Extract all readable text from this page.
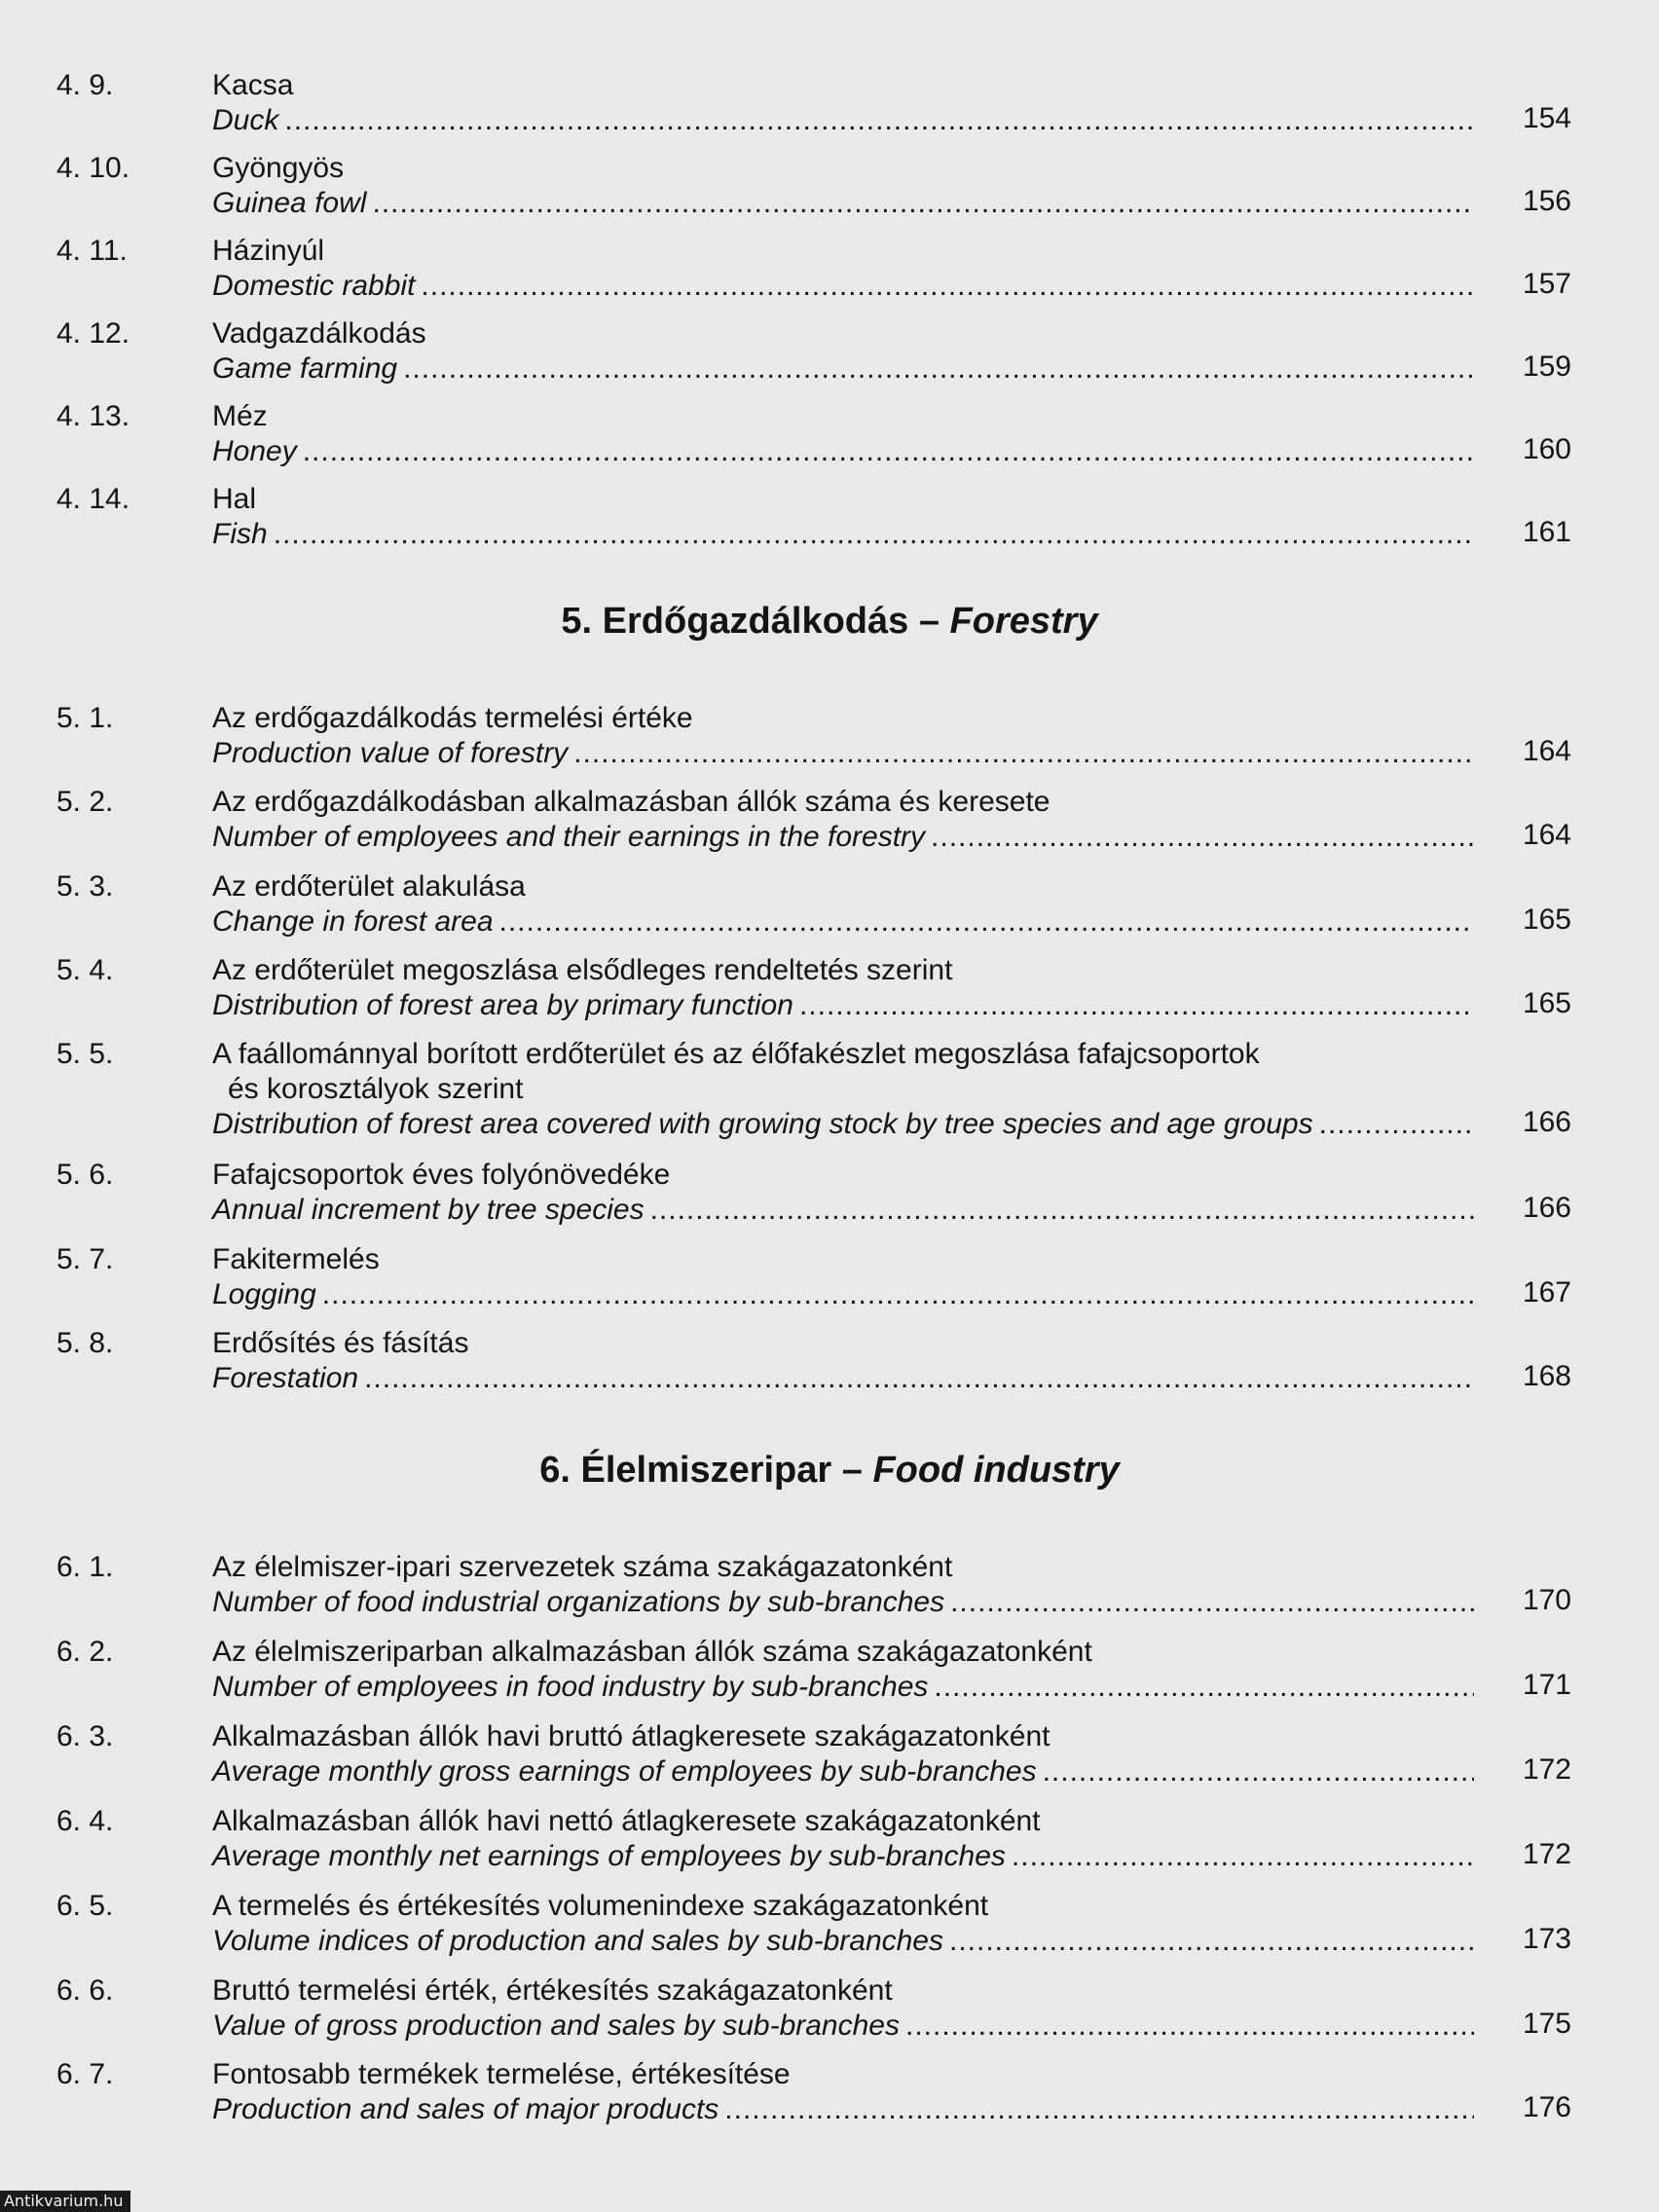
4. 9.	Kacsa
Duck .....	154
4. 10.	Gyöngyös
Guinea fowl .....	156
4. 11.	Házinyúl
Domestic rabbit .....	157
4. 12.	Vadgazdálkodás
Game farming .....	159
4. 13.	Méz
Honey .....	160
4. 14.	Hal
Fish .....	161
5. Erdőgazdálkodás – Forestry
5. 1.	Az erdőgazdálkodás termelési értéke
Production value of forestry .....	164
5. 2.	Az erdőgazdálkodásban alkalmazásban állók száma és keresete
Number of employees and their earnings in the forestry .....	164
5. 3.	Az erdőterület alakulása
Change in forest area .....	165
5. 4.	Az erdőterület megoszlása elsődleges rendeltetés szerint
Distribution of forest area by primary function .....	165
5. 5.	A faállománnyal borított erdőterület és az élőfakészlet megoszlása fafajcsoportok
és korosztályok szerint
Distribution of forest area covered with growing stock by tree species and age groups .....	166
5. 6.	Fafajcsoportok éves folyónövedéke
Annual increment by tree species .....	166
5. 7.	Fakitermelés
Logging .....	167
5. 8.	Erdősítés és fásítás
Forestation .....	168
6. Élelmiszeripar – Food industry
6. 1.	Az élelmiszer-ipari szervezetek száma szakágazatonként
Number of food industrial organizations by sub-branches .....	170
6. 2.	Az élelmiszeriparban alkalmazásban állók száma szakágazatonként
Number of employees in food industry by sub-branches .....	171
6. 3.	Alkalmazásban állók havi bruttó átlagkeresete szakágazatonként
Average monthly gross earnings of employees by sub-branches .....	172
6. 4.	Alkalmazásban állók havi nettó átlagkeresete szakágazatonként
Average monthly net earnings of employees by sub-branches .....	172
6. 5.	A termelés és értékesítés volumenindexe szakágazatonként
Volume indices of production and sales by sub-branches .....	173
6. 6.	Bruttó termelési érték, értékesítés szakágazatonként
Value of gross production and sales by sub-branches .....	175
6. 7.	Fontosabb termékek termelése, értékesítése
Production and sales of major products .....	176
Antikvarium.hu
